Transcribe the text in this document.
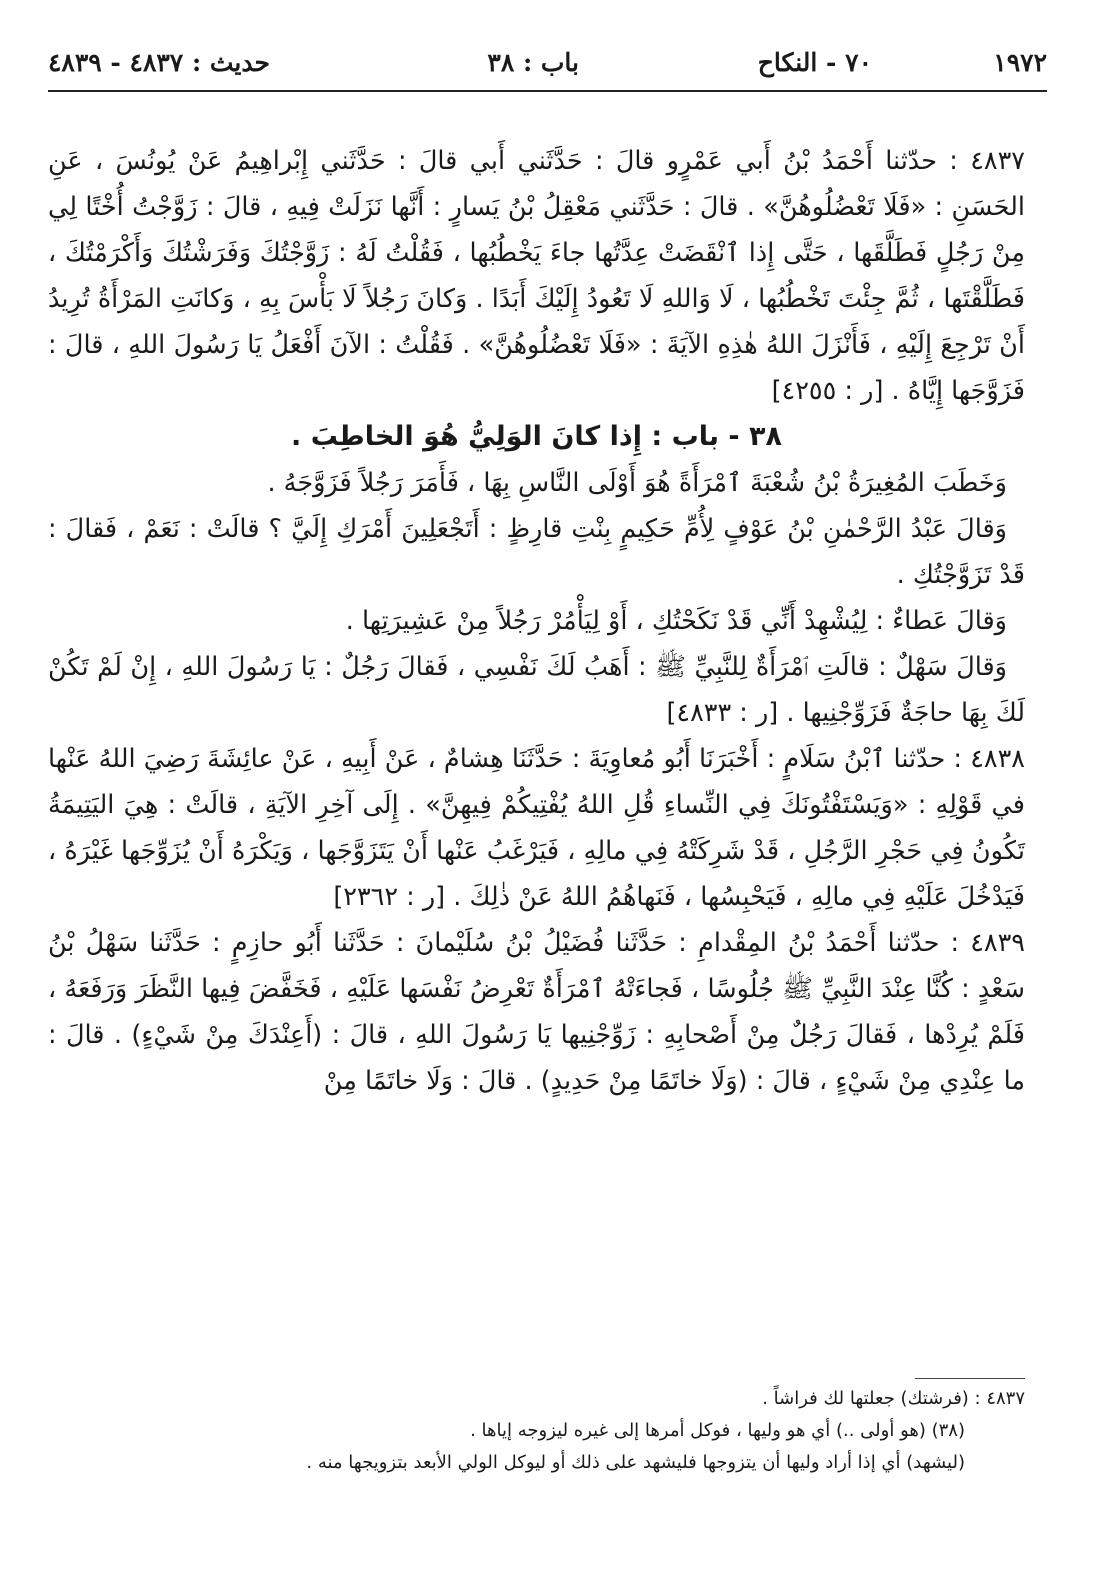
١٩٧٢
٧٠ - النكاح
باب : ٣٨
حديث : ٤٨٣٧ - ٤٨٣٩

٤٨٣٧ : حدّثنا أَحْمَدُ بْنُ أَبي عَمْرٍو قالَ : حَدَّثَني أَبي قالَ : حَدَّثَني إِبْراهِيمُ عَنْ يُونُسَ ، عَنِ الحَسَنِ : «فَلَا تَعْضُلُوهُنَّ» . قالَ : حَدَّثَني مَعْقِلُ بْنُ يَسارٍ : أَنَّها نَزَلَتْ فِيهِ ، قالَ : زَوَّجْتُ أُخْتًا لِي مِنْ رَجُلٍ فَطَلَّقَها ، حَتَّى إِذا ٱنْقَضَتْ عِدَّتُها جاءَ يَخْطُبُها ، فَقُلْتُ لَهُ : زَوَّجْتُكَ وَفَرَشْتُكَ وَأَكْرَمْتُكَ ، فَطَلَّقْتَها ، ثُمَّ جِئْتَ تَخْطُبُها ، لَا وَاللهِ لَا تَعُودُ إِلَيْكَ أَبَدًا . وَكانَ رَجُلاً لَا بَأْسَ بِهِ ، وَكانَتِ المَرْأَةُ تُرِيدُ أَنْ تَرْجِعَ إِلَيْهِ ، فَأَنْزَلَ اللهُ هٰذِهِ الآيَةَ : «فَلَا تَعْضُلُوهُنَّ» . فَقُلْتُ : الآنَ أَفْعَلُ يَا رَسُولَ اللهِ ، قالَ : فَزَوَّجَها إِيَّاهُ . [ر : ٤٢٥٥]

٣٨ - باب : إِذا كانَ الوَلِيُّ هُوَ الخاطِبَ .

وَخَطَبَ المُغِيرَةُ بْنُ شُعْبَةَ ٱمْرَأَةً هُوَ أَوْلَى النَّاسِ بِهَا ، فَأَمَرَ رَجُلاً فَزَوَّجَهُ .

وَقالَ عَبْدُ الرَّحْمٰنِ بْنُ عَوْفٍ لِأُمِّ حَكِيمٍ بِنْتِ قارِظٍ : أَتَجْعَلِينَ أَمْرَكِ إِلَيَّ ؟ قالَتْ : نَعَمْ ، فَقالَ : قَدْ تَزَوَّجْتُكِ .

وَقالَ عَطاءٌ : لِيُشْهِدْ أَنِّي قَدْ نَكَحْتُكِ ، أَوْ لِيَأْمُرْ رَجُلاً مِنْ عَشِيرَتِها .

وَقالَ سَهْلٌ : قالَتِ ٱمْرَأَةٌ لِلنَّبِيِّ ﷺ : أَهَبُ لَكَ نَفْسِي ، فَقالَ رَجُلٌ : يَا رَسُولَ اللهِ ، إِنْ لَمْ تَكُنْ لَكَ بِهَا حاجَةٌ فَزَوِّجْنِيها . [ر : ٤٨٣٣]

٤٨٣٨ : حدّثنا ٱبْنُ سَلَامٍ : أَخْبَرَنَا أَبُو مُعاوِيَةَ : حَدَّثَنَا هِشامٌ ، عَنْ أَبِيهِ ، عَنْ عائِشَةَ رَضِيَ اللهُ عَنْها في قَوْلِهِ : «وَيَسْتَفْتُونَكَ فِي النِّساءِ قُلِ اللهُ يُفْتِيكُمْ فِيهِنَّ» . إِلَى آخِرِ الآيَةِ ، قالَتْ : هِيَ اليَتِيمَةُ تَكُونُ فِي حَجْرِ الرَّجُلِ ، قَدْ شَرِكَتْهُ فِي مالِهِ ، فَيَرْغَبُ عَنْها أَنْ يَتَزَوَّجَها ، وَيَكْرَهُ أَنْ يُزَوِّجَها غَيْرَهُ ، فَيَدْخُلَ عَلَيْهِ فِي مالِهِ ، فَيَحْبِسُها ، فَنَهاهُمُ اللهُ عَنْ ذٰلِكَ . [ر : ٢٣٦٢]

٤٨٣٩ : حدّثنا أَحْمَدُ بْنُ المِقْدامِ : حَدَّثَنا فُضَيْلُ بْنُ سُلَيْمانَ : حَدَّثَنا أَبُو حازِمٍ : حَدَّثَنا سَهْلُ بْنُ سَعْدٍ : كُنَّا عِنْدَ النَّبِيِّ ﷺ جُلُوسًا ، فَجاءَتْهُ ٱمْرَأَةٌ تَعْرِضُ نَفْسَها عَلَيْهِ ، فَخَفَّضَ فِيها النَّظَرَ وَرَفَعَهُ ، فَلَمْ يُرِدْها ، فَقالَ رَجُلٌ مِنْ أَصْحابِهِ : زَوِّجْنِيها يَا رَسُولَ اللهِ ، قالَ : (أَعِنْدَكَ مِنْ شَيْءٍ) . قالَ : ما عِنْدِي مِنْ شَيْءٍ ، قالَ : (وَلَا خاتَمًا مِنْ حَدِيدٍ) . قالَ : وَلَا خاتَمًا مِنْ

٤٨٣٧ : (فرشتك) جعلتها لك فراشاً .

(٣٨) (هو أولى ..) أي هو وليها ، فوكل أمرها إلى غيره ليزوجه إياها .

(ليشهد) أي إذا أراد وليها أن يتزوجها فليشهد على ذلك أو ليوكل الولي الأبعد بتزويجها منه .
